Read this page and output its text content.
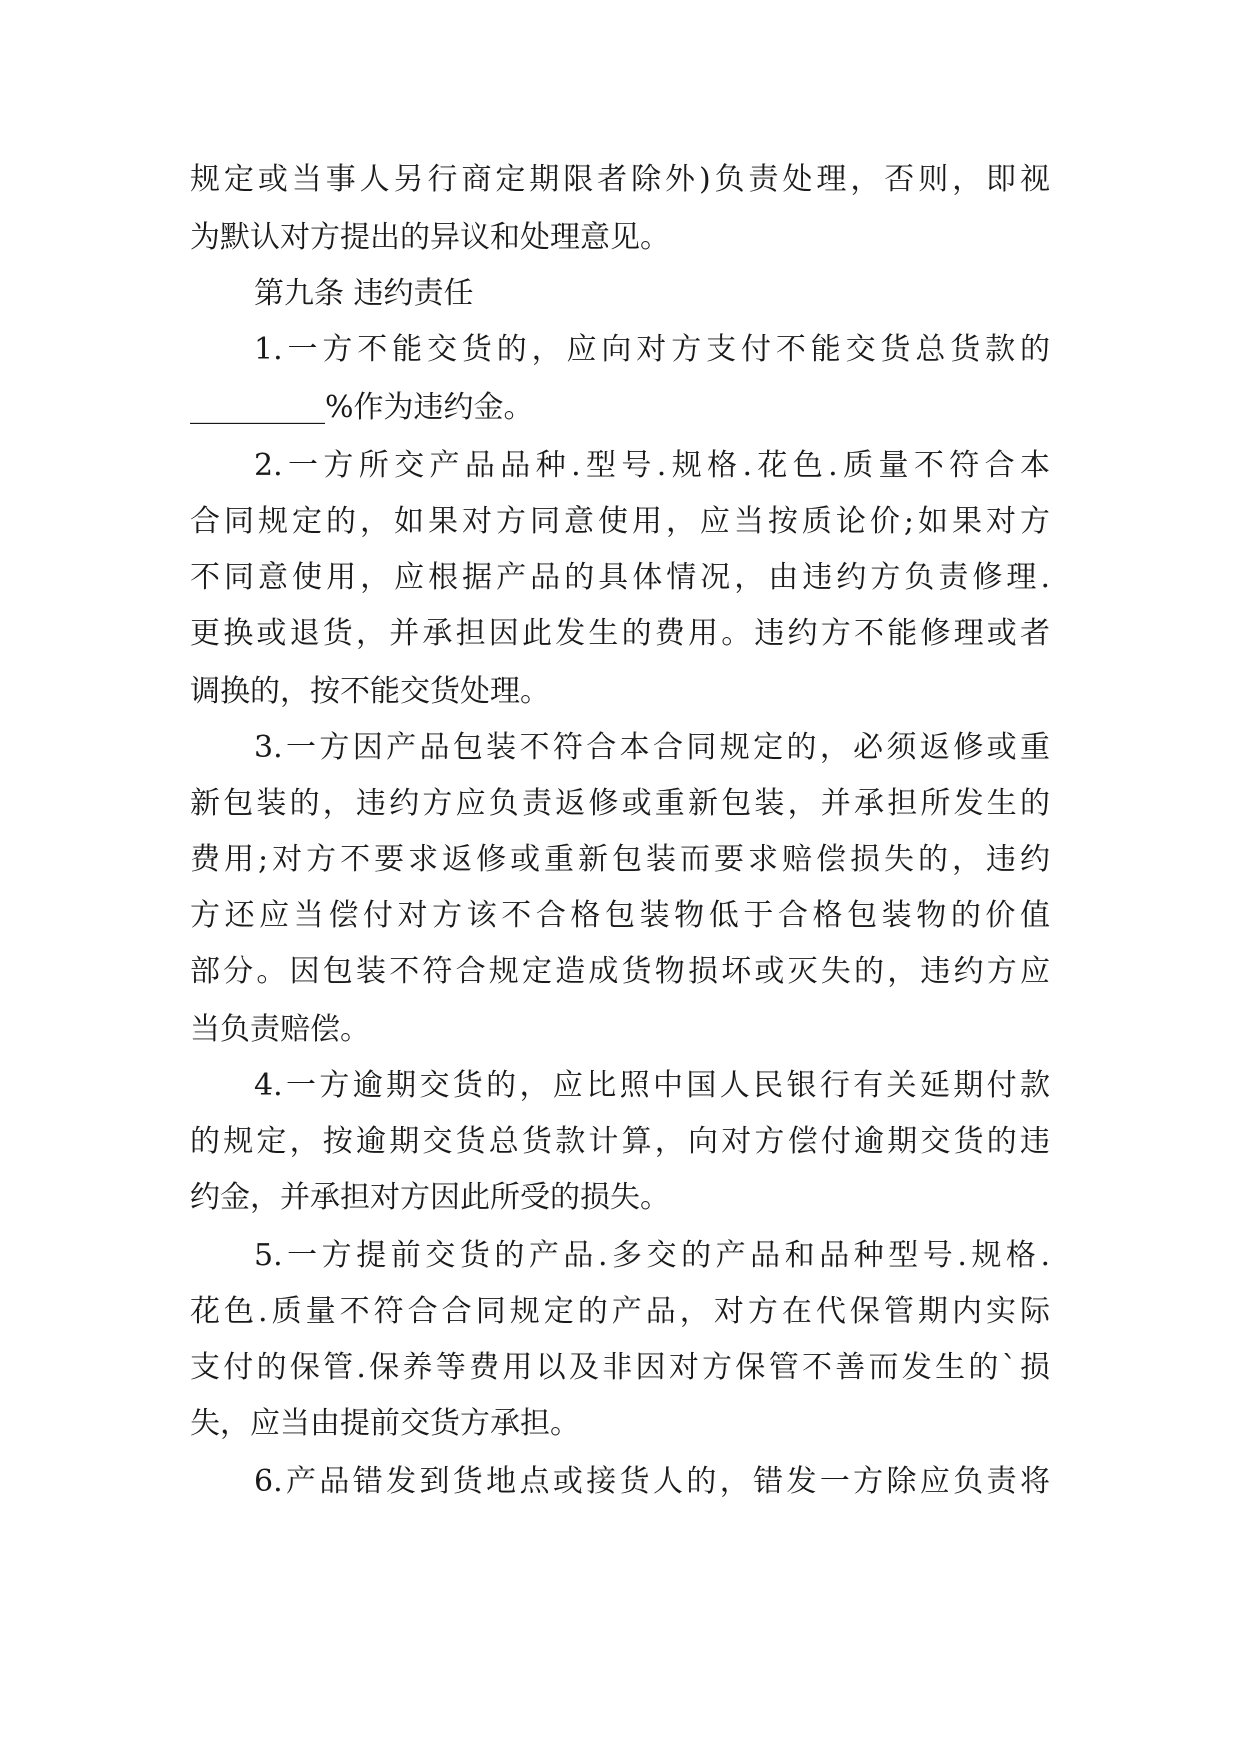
规定或当事人另行商定期限者除外)负责处理，否则，即视
为默认对方提出的异议和处理意见。
第九条 违约责任
1.一方不能交货的，应向对方支付不能交货总货款的
_________%作为违约金。
2.一方所交产品品种.型号.规格.花色.质量不符合本
合同规定的，如果对方同意使用，应当按质论价;如果对方
不同意使用，应根据产品的具体情况，由违约方负责修理.
更换或退货，并承担因此发生的费用。违约方不能修理或者
调换的，按不能交货处理。
3.一方因产品包装不符合本合同规定的，必须返修或重
新包装的，违约方应负责返修或重新包装，并承担所发生的
费用;对方不要求返修或重新包装而要求赔偿损失的，违约
方还应当偿付对方该不合格包装物低于合格包装物的价值
部分。因包装不符合规定造成货物损坏或灭失的，违约方应
当负责赔偿。
4.一方逾期交货的，应比照中国人民银行有关延期付款
的规定，按逾期交货总货款计算，向对方偿付逾期交货的违
约金，并承担对方因此所受的损失。
5.一方提前交货的产品.多交的产品和品种型号.规格.
花色.质量不符合合同规定的产品，对方在代保管期内实际
支付的保管.保养等费用以及非因对方保管不善而发生的`损
失，应当由提前交货方承担。
6.产品错发到货地点或接货人的，错发一方除应负责将
